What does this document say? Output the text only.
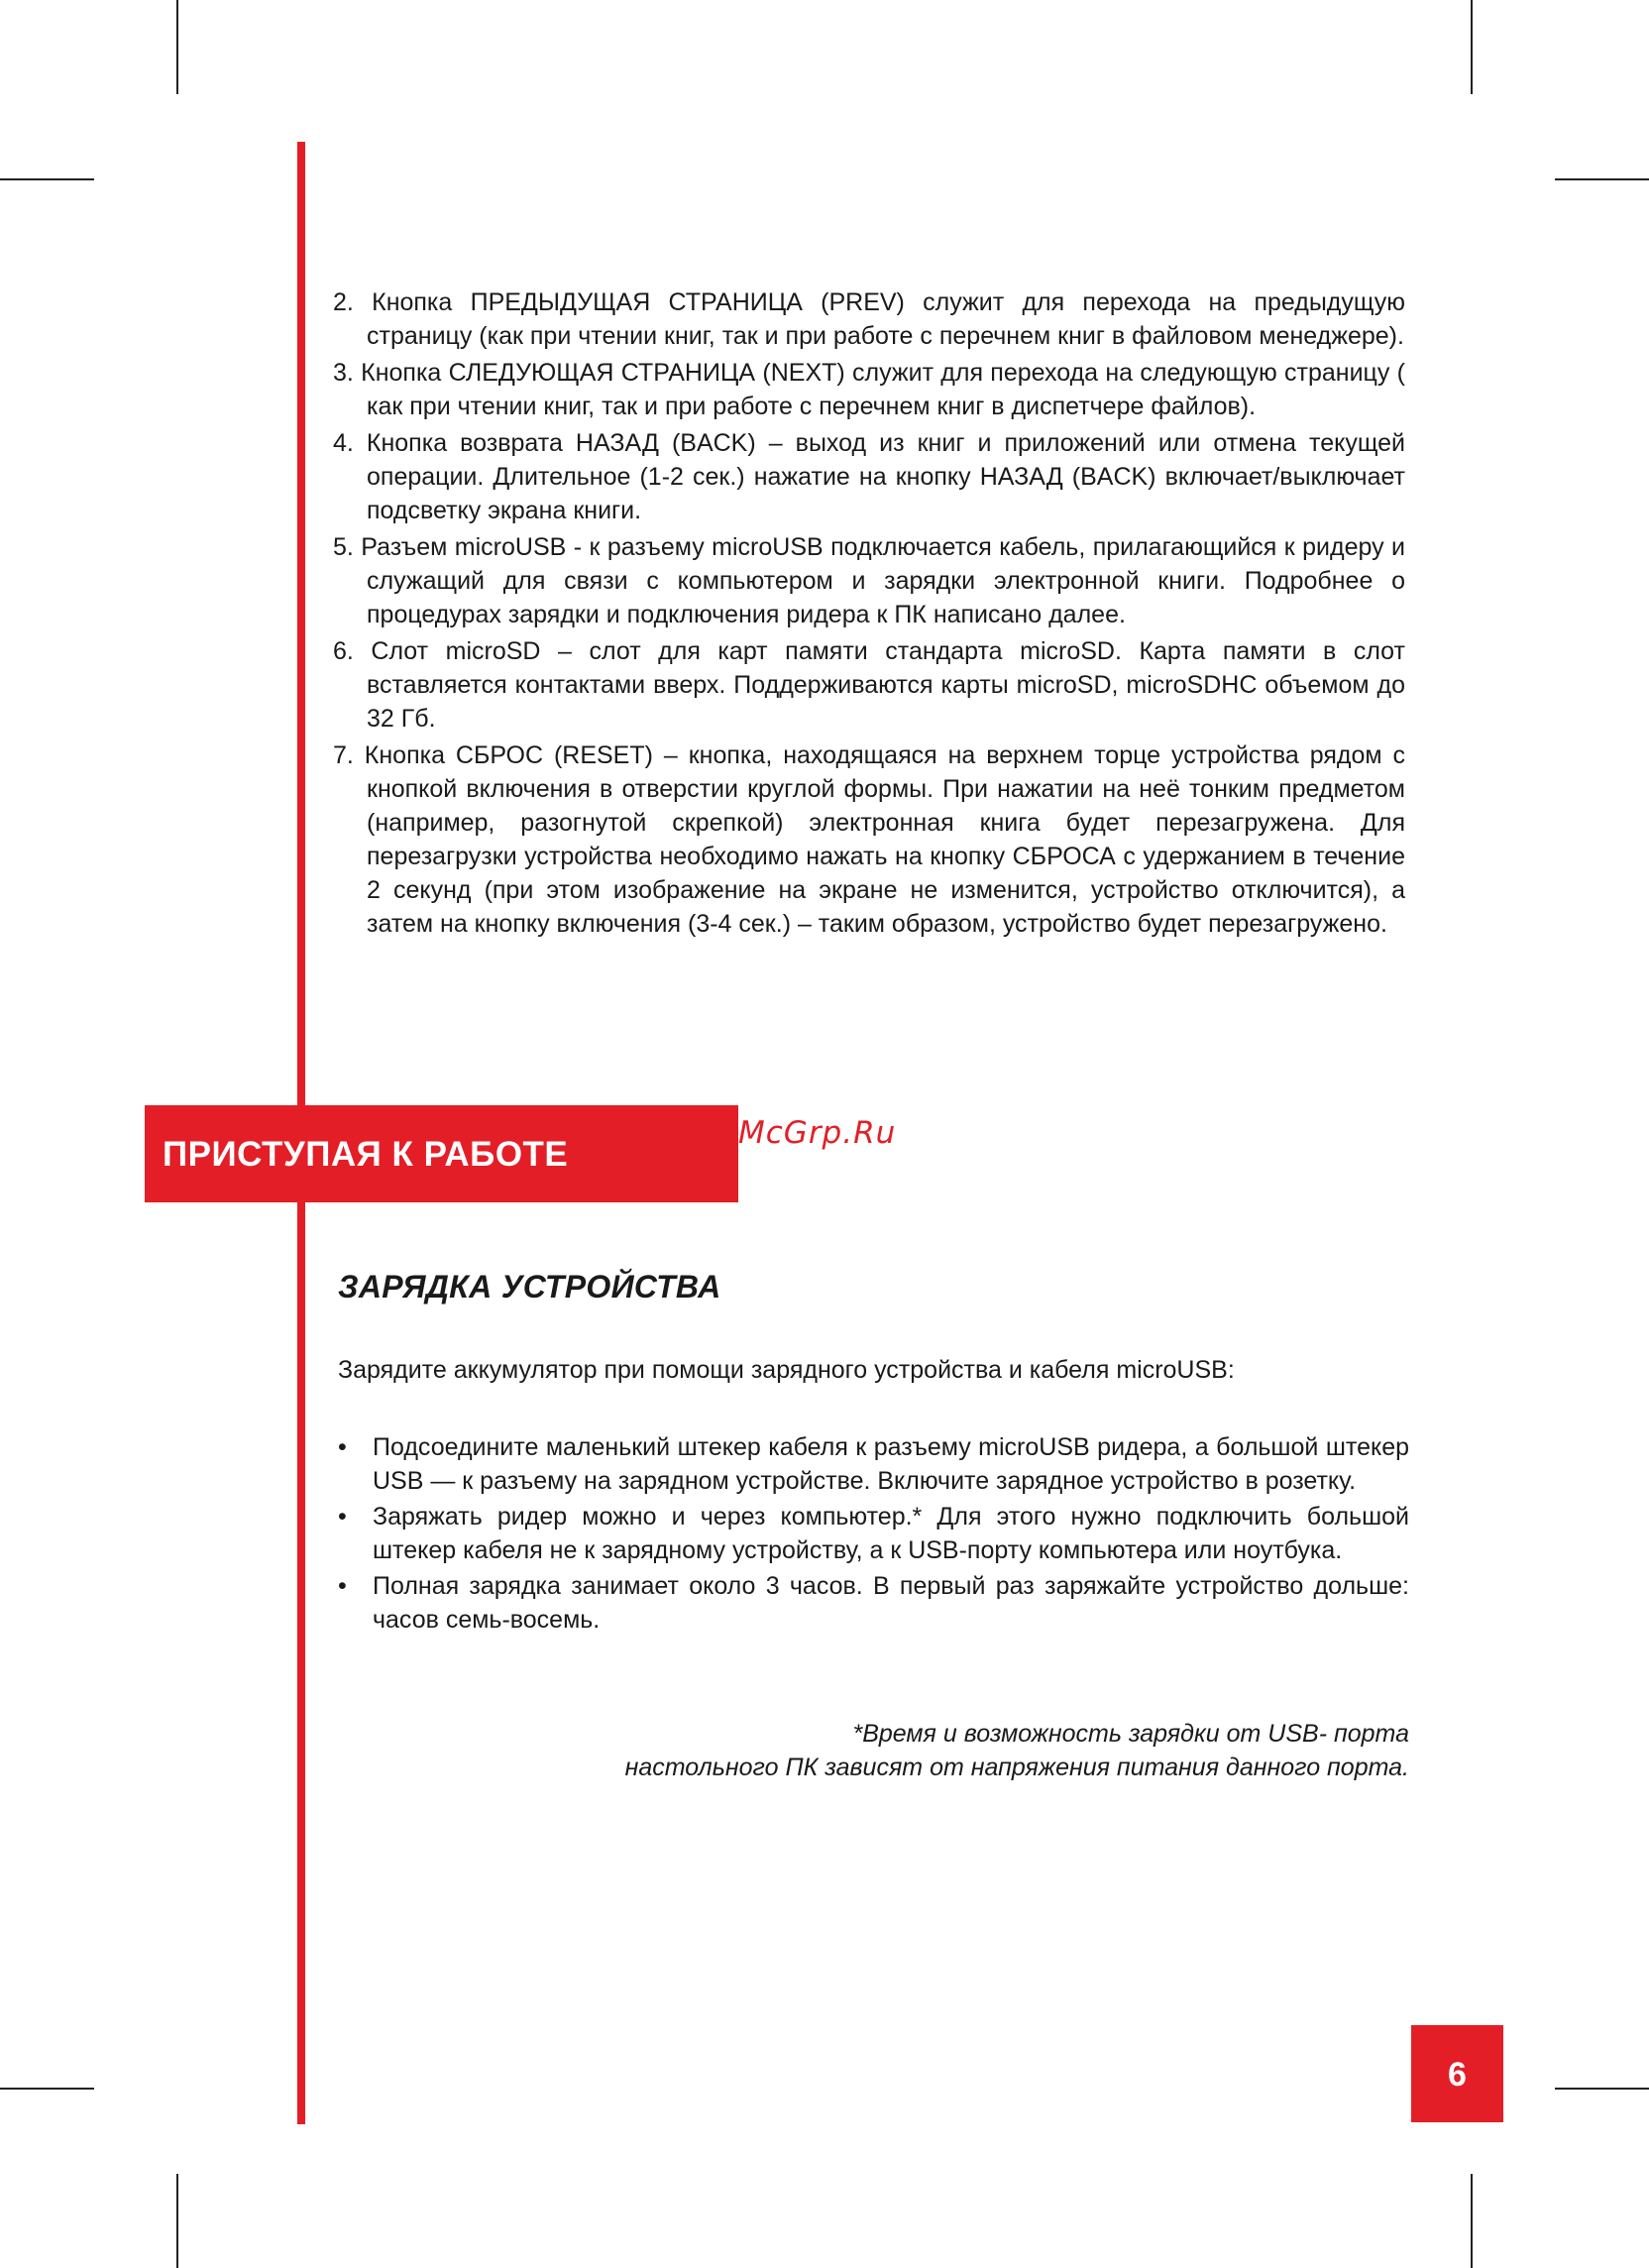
2. Кнопка ПРЕДЫДУЩАЯ СТРАНИЦА (PREV) служит для перехода на предыдущую страницу (как при чтении книг, так и при работе с перечнем книг в файловом менеджере).
3. Кнопка СЛЕДУЮЩАЯ СТРАНИЦА (NEXT) служит для перехода на следующую страницу ( как при чтении книг, так и при работе с перечнем книг в диспетчере файлов).
4. Кнопка возврата НАЗАД (BACK) – выход из книг и приложений или отмена текущей операции. Длительное (1-2 сек.) нажатие на кнопку НАЗАД (BACK) включает/выключает подсветку экрана книги.
5. Разъем microUSB - к разъему microUSB подключается кабель, прилагающийся к ридеру и служащий для связи с компьютером и зарядки электронной книги. Подробнее о процедурах зарядки и подключения ридера к ПК написано далее.
6. Слот microSD – слот для карт памяти стандарта microSD. Карта памяти в слот вставляется контактами вверх. Поддерживаются карты microSD, microSDHC объемом до 32 Гб.
7. Кнопка СБРОС (RESET) – кнопка, находящаяся на верхнем торце устройства рядом с кнопкой включения в отверстии круглой формы. При нажатии на неё тонким предметом (например, разогнутой скрепкой) электронная книга будет перезагружена. Для перезагрузки устройства необходимо нажать на кнопку СБРОСА с удержанием в течение 2 секунд (при этом изображение на экране не изменится, устройство отключится), а затем на кнопку включения (3-4 сек.) – таким образом, устройство будет перезагружено.
ПРИСТУПАЯ К РАБОТЕ
McGrp.Ru
ЗАРЯДКА УСТРОЙСТВА

Зарядите аккумулятор при помощи зарядного устройства и кабеля microUSB:

• Подсоедините маленький штекер кабеля к разъему microUSB ридера, а большой штекер USB — к разъему на зарядном устройстве. Включите зарядное устройство в розетку.
• Заряжать ридер можно и через компьютер.* Для этого нужно подключить большой штекер кабеля не к зарядному устройству, а к USB-порту компьютера или ноутбука.
• Полная зарядка занимает около 3 часов. В первый раз заряжайте устройство дольше: часов семь-восемь.

*Время и возможность зарядки от USB- порта
настольного ПК зависят от напряжения питания данного порта.

6
